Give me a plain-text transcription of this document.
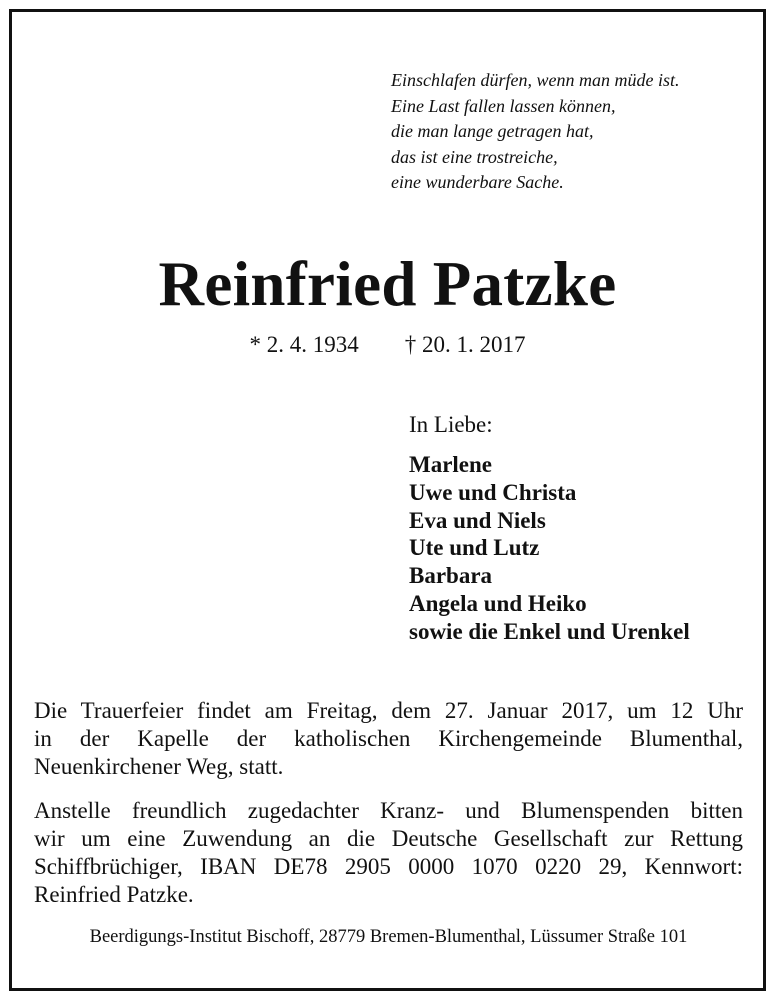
Einschlafen dürfen, wenn man müde ist.
Eine Last fallen lassen können,
die man lange getragen hat,
das ist eine trostreiche,
eine wunderbare Sache.
Reinfried Patzke
* 2. 4. 1934 † 20. 1. 2017
In Liebe:
Marlene
Uwe und Christa
Eva und Niels
Ute und Lutz
Barbara
Angela und Heiko
sowie die Enkel und Urenkel
Die Trauerfeier findet am Freitag, dem 27. Januar 2017, um 12 Uhr
in der Kapelle der katholischen Kirchengemeinde Blumenthal,
Neuenkirchener Weg, statt.
Anstelle freundlich zugedachter Kranz- und Blumenspenden bitten
wir um eine Zuwendung an die Deutsche Gesellschaft zur Rettung
Schiffbrüchiger, IBAN DE78 2905 0000 1070 0220 29, Kennwort:
Reinfried Patzke.
Beerdigungs-Institut Bischoff, 28779 Bremen-Blumenthal, Lüssumer Straße 101
